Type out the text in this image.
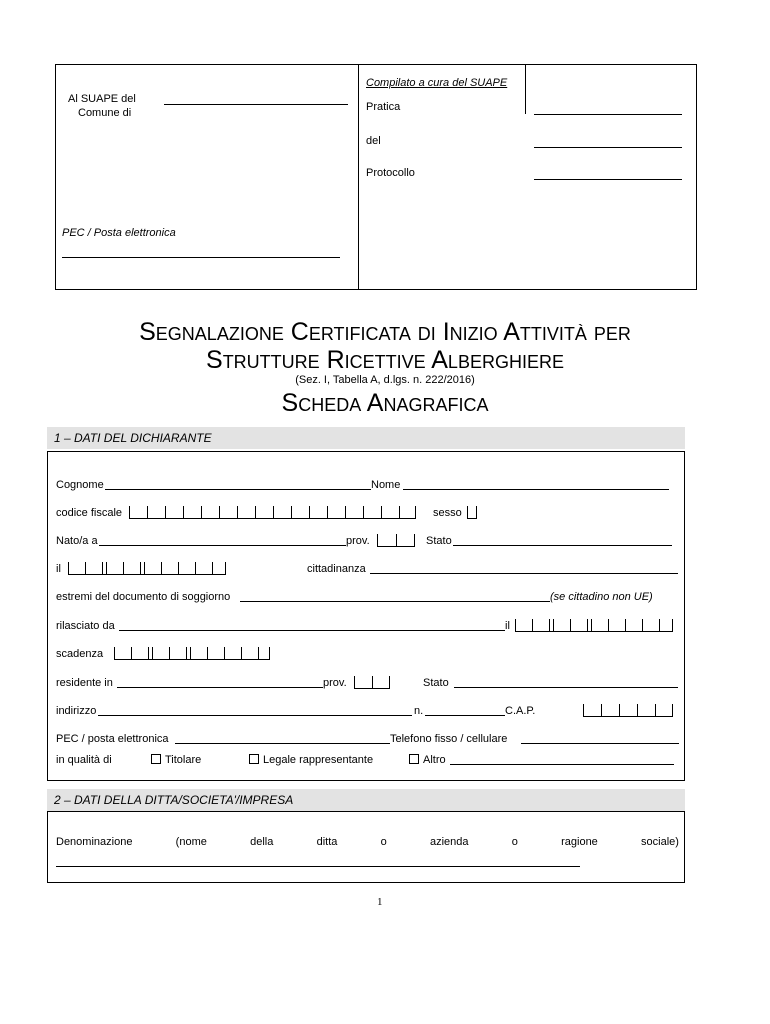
Al SUAPE del
Comune di
PEC / Posta elettronica
Compilato a cura del SUAPE
Pratica
del
Protocollo
Segnalazione Certificata di Inizio Attività per
Strutture Ricettive Alberghiere
(Sez. I, Tabella A, d.lgs. n. 222/2016)
Scheda Anagrafica
1 – DATI DEL DICHIARANTE
Cognome	Nome
codice fiscale	sesso
Nato/a a	prov.	Stato
il	cittadinanza
estremi del documento di soggiorno	(se cittadino non UE)
rilasciato da	il
scadenza
residente in	prov.	Stato
indirizzo	n.	C.A.P.
PEC / posta elettronica	Telefono fisso / cellulare
in qualità di	Titolare	Legale rappresentante	Altro
2 – DATI DELLA DITTA/SOCIETA'/IMPRESA
Denominazione	(nome	della	ditta	o	azienda	o	ragione	sociale)
1
